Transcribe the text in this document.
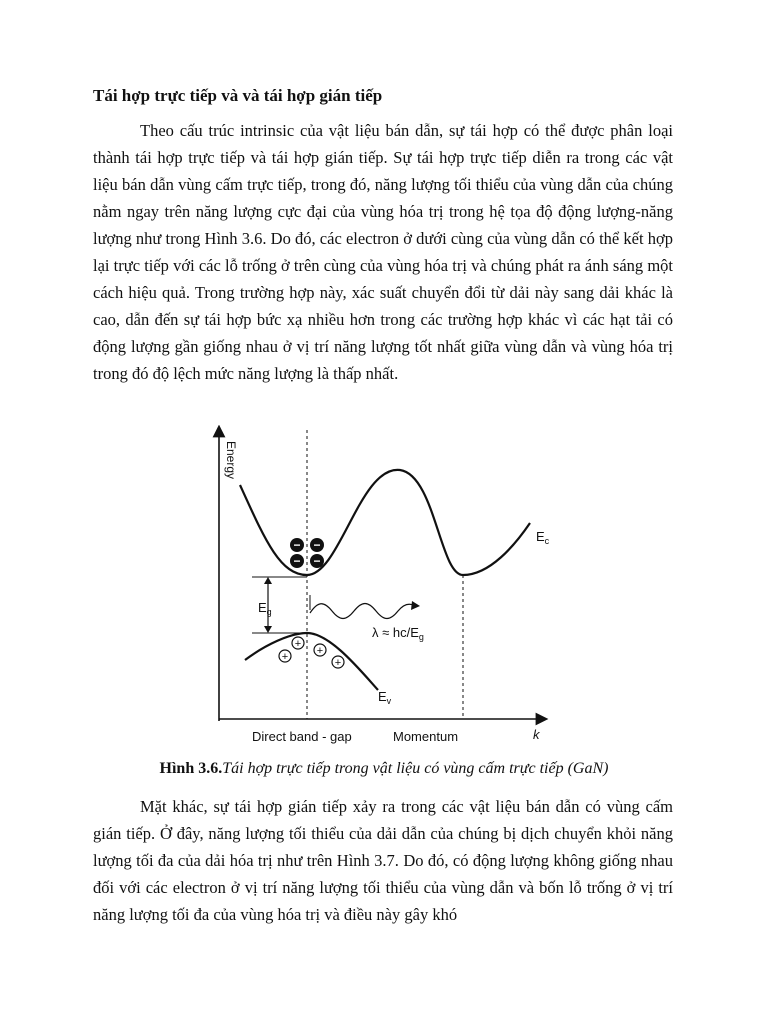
Tái hợp trực tiếp và và tái hợp gián tiếp
Theo cấu trúc intrinsic của vật liệu bán dẫn, sự tái hợp có thể được phân loại thành tái hợp trực tiếp và tái hợp gián tiếp. Sự tái hợp trực tiếp diễn ra trong các vật liệu bán dẫn vùng cấm trực tiếp, trong đó, năng lượng tối thiểu của vùng dẫn của chúng nằm ngay trên năng lượng cực đại của vùng hóa trị trong hệ tọa độ động lượng-năng lượng như trong Hình 3.6. Do đó, các electron ở dưới cùng của vùng dẫn có thể kết hợp lại trực tiếp với các lỗ trống ở trên cùng của vùng hóa trị và chúng phát ra ánh sáng một cách hiệu quả. Trong trường hợp này, xác suất chuyển đổi từ dải này sang dải khác là cao, dẫn đến sự tái hợp bức xạ nhiều hơn trong các trường hợp khác vì các hạt tải có động lượng gần giống nhau ở vị trí năng lượng tốt nhất giữa vùng dẫn và vùng hóa trị trong đó độ lệch mức năng lượng là thấp nhất.
$E_g$
$\lambda \approx hc/E_g$
− −
− −
+
+	+
+
Energy
$E_c$
$E_v$
Direct band - gap	Momentum	k
Hình 3.6.Tái hợp trực tiếp trong vật liệu có vùng cấm trực tiếp (GaN)
Mặt khác, sự tái hợp gián tiếp xảy ra trong các vật liệu bán dẫn có vùng cấm gián tiếp. Ở đây, năng lượng tối thiểu của dải dẫn của chúng bị dịch chuyển khỏi năng lượng tối đa của dải hóa trị như trên Hình 3.7. Do đó, có động lượng không giống nhau đối với các electron ở vị trí năng lượng tối thiểu của vùng dẫn và bốn lỗ trống ở vị trí năng lượng tối đa của vùng hóa trị và điều này gây khó
